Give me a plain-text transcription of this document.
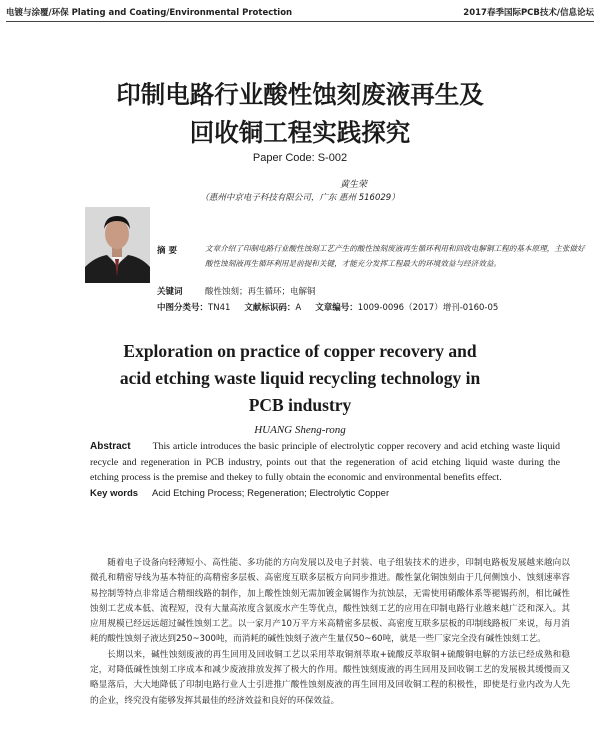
电镀与涂覆/环保 Plating and Coating/Environmental Protection	2017春季国际PCB技术/信息论坛
印制电路行业酸性蚀刻废液再生及
回收铜工程实践探究
Paper Code: S-002
黄生荣
（惠州中京电子科技有限公司，广东 惠州 516029）
摘 要	文章介绍了印制电路行业酸性蚀刻工艺产生的酸性蚀刻废液再生循环利用和回收电解铜工程的基本原理，主张做好酸性蚀刻液再生循环利用是前提和关键，才能充分发挥工程最大的环境效益与经济效益。
关键词	酸性蚀刻；再生循环；电解铜
中图分类号：TN41 文献标识码：A 文章编号：1009-0096（2017）增刊-0160-05
Exploration on practice of copper recovery and
acid etching waste liquid recycling technology in
PCB industry
HUANG Sheng-rong
Abstract This article introduces the basic principle of electrolytic copper recovery and acid etching waste liquid recycle and regeneration in PCB industry, points out that the regeneration of acid etching liquid waste during the etching process is the premise and thekey to fully obtain the economic and environmental benefits effect.
Key words Acid Etching Process; Regeneration; Electrolytic Copper

随着电子设备向轻薄短小、高性能、多功能的方向发展以及电子封装、电子组装技术的进步，印制电路板发展越来越向以微孔和精密导线为基本特征的高精密多层板、高密度互联多层板方向同步推进。酸性氯化铜蚀刻由于几何侧蚀小、蚀刻速率容易控制等特点非常适合精细线路的制作，加上酸性蚀刻无需加镀金属锡作为抗蚀层，无需使用硝酸体系等褪锡药剂，相比碱性蚀刻工艺成本低、流程短，没有大量高浓度含氨废水产生等优点，酸性蚀刻工艺的应用在印制电路行业越来越广泛和深入。其应用规模已经远远超过碱性蚀刻工艺。以一家月产10万平方米高精密多层板、高密度互联多层板的印制线路板厂来说，每月消耗的酸性蚀刻子液达到250~300吨，而消耗的碱性蚀刻子液产生量仅50~60吨，就是一些厂家完全没有碱性蚀刻工艺。

长期以来，碱性蚀刻废液的再生回用及回收铜工艺以采用萃取铜剂萃取+硫酸反萃取铜+硫酸铜电解的方法已经成熟和稳定，对降低碱性蚀刻工序成本和减少废液排放发挥了极大的作用。酸性蚀刻废液的再生回用及回收铜工艺的发展极其缓慢而又略显落后，大大地降低了印制电路行业人士引进推广酸性蚀刻废液的再生回用及回收铜工程的积极性，即使是行业内改为人先的企业，终究没有能够发挥其最佳的经济效益和良好的环保效益。
